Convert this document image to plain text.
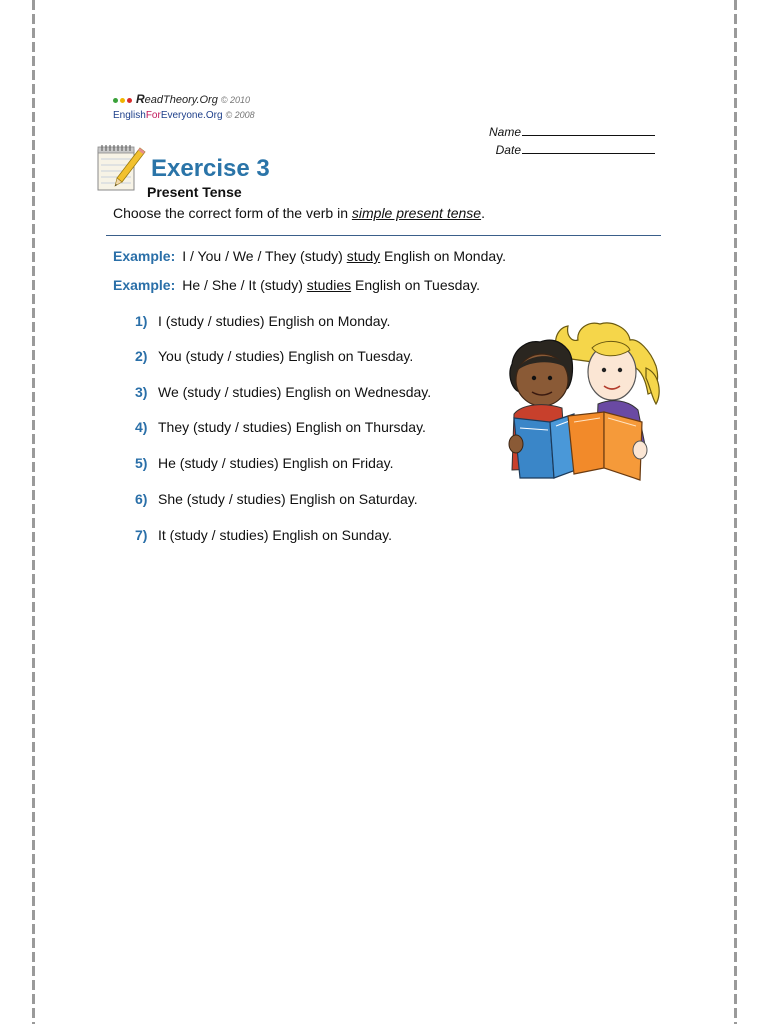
ReadTheory.Org © 2010
EnglishForEveryone.Org © 2008
Name
Date
Exercise 3
Present Tense
Choose the correct form of the verb in simple present tense.
Example: I / You / We / They (study) study English on Monday.
Example: He / She / It (study) studies English on Tuesday.
1) I (study / studies) English on Monday.
2) You (study / studies) English on Tuesday.
3) We (study / studies) English on Wednesday.
4) They (study / studies) English on Thursday.
5) He (study / studies) English on Friday.
6) She (study / studies) English on Saturday.
7) It (study / studies) English on Sunday.
